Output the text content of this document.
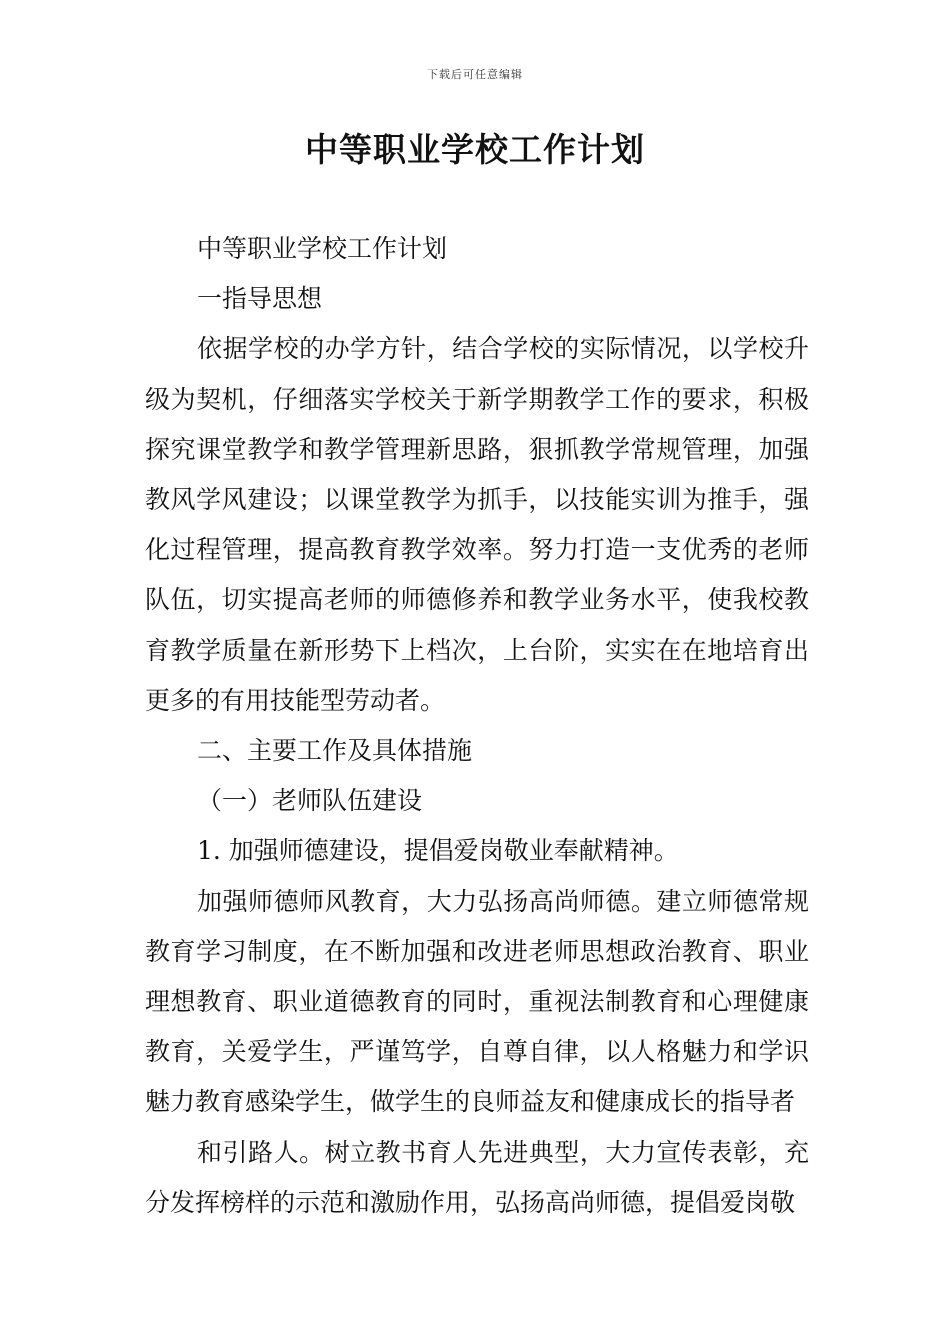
下载后可任意编辑
中等职业学校工作计划

中等职业学校工作计划

一指导思想

依据学校的办学方针，结合学校的实际情况，以学校升级为契机，仔细落实学校关于新学期教学工作的要求，积极探究课堂教学和教学管理新思路，狠抓教学常规管理，加强教风学风建设；以课堂教学为抓手，以技能实训为推手，强化过程管理，提高教育教学效率。努力打造一支优秀的老师队伍，切实提高老师的师德修养和教学业务水平，使我校教育教学质量在新形势下上档次，上台阶，实实在在地培育出更多的有用技能型劳动者。

二、主要工作及具体措施

（一）老师队伍建设

1. 加强师德建设，提倡爱岗敬业奉献精神。

加强师德师风教育，大力弘扬高尚师德。建立师德常规教育学习制度，在不断加强和改进老师思想政治教育、职业理想教育、职业道德教育的同时，重视法制教育和心理健康教育，关爱学生，严谨笃学，自尊自律，以人格魅力和学识魅力教育感染学生，做学生的良师益友和健康成长的指导者

和引路人。树立教书育人先进典型，大力宣传表彰，充分发挥榜样的示范和激励作用，弘扬高尚师德，提倡爱岗敬
